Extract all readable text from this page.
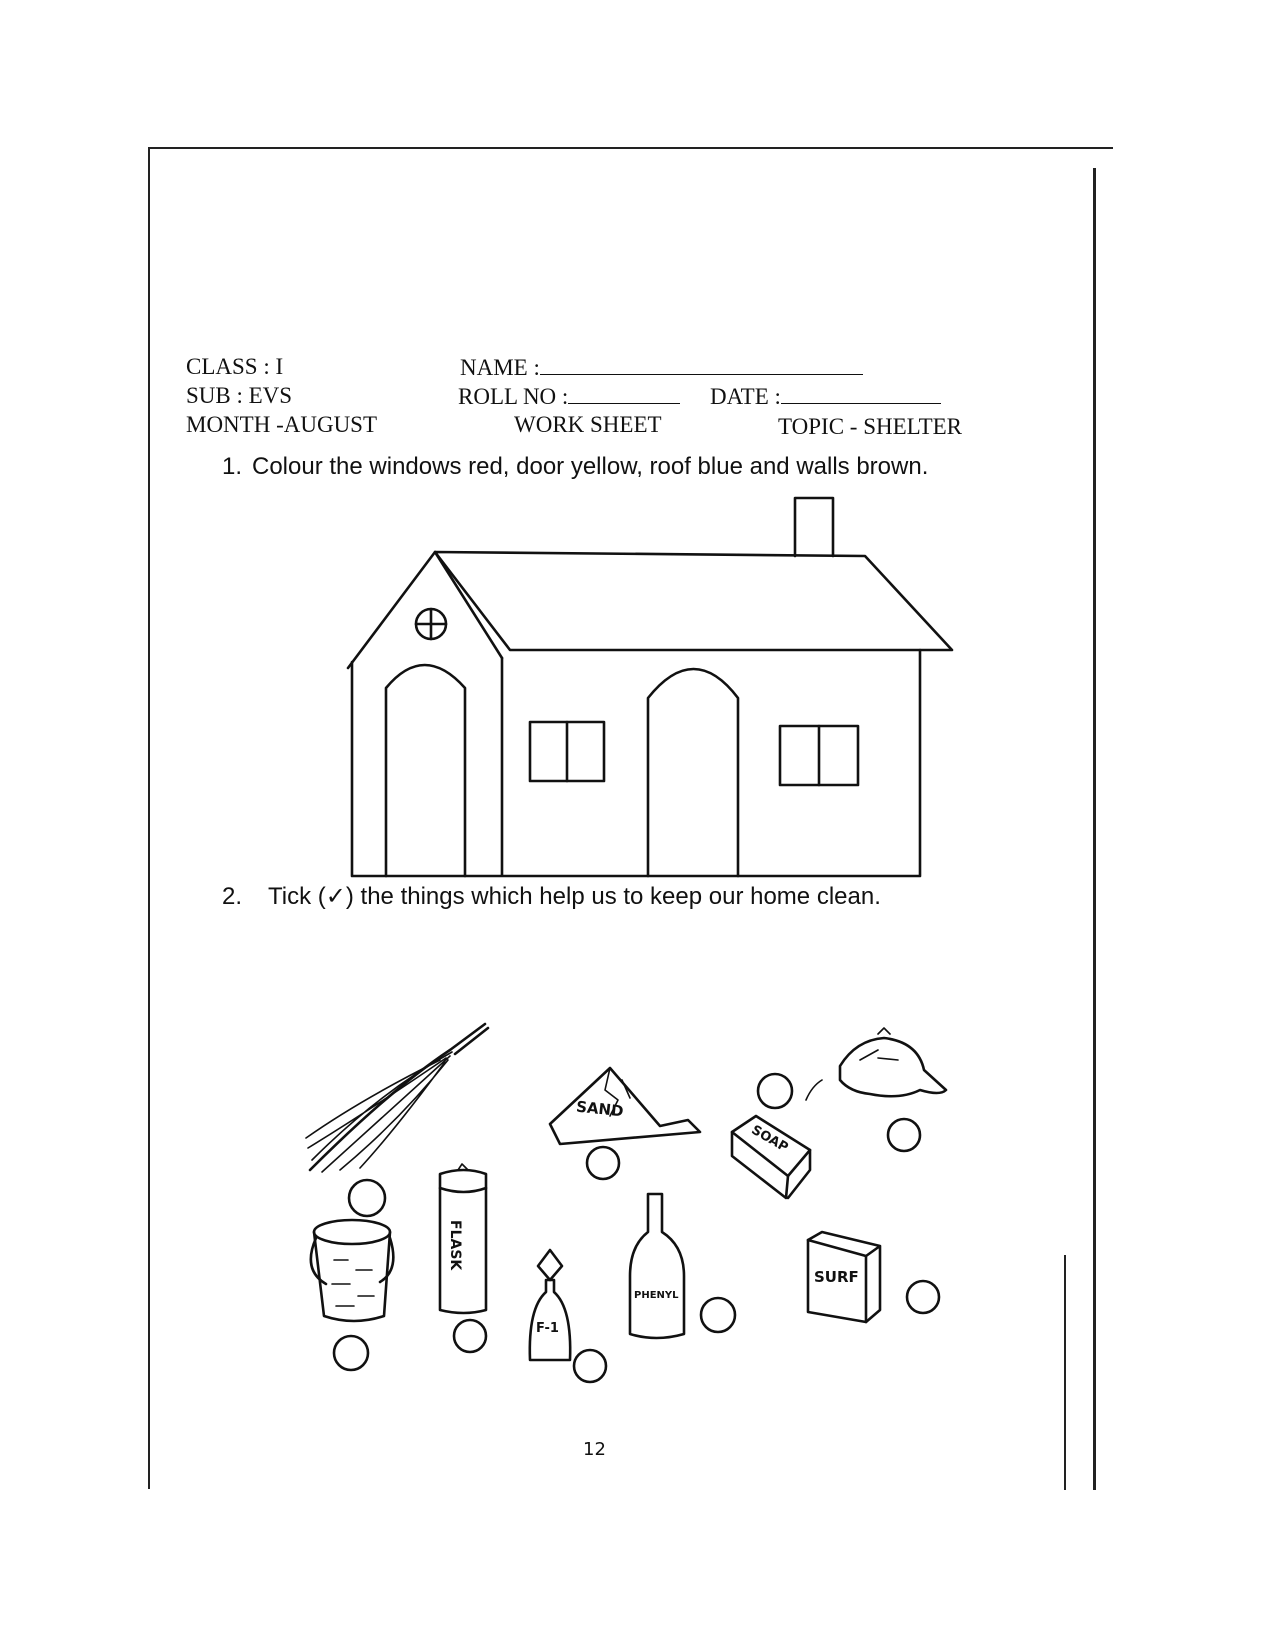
CLASS : I
SUB : EVS
MONTH -AUGUST
NAME :
ROLL NO :	DATE :
WORK SHEET	TOPIC - SHELTER
1. Colour the windows red, door yellow, roof blue and walls brown.
2. Tick (✓) the things which help us to keep our home clean.
SAND
SOAP
FLASK
F-1
PHENYL
SURF
12
